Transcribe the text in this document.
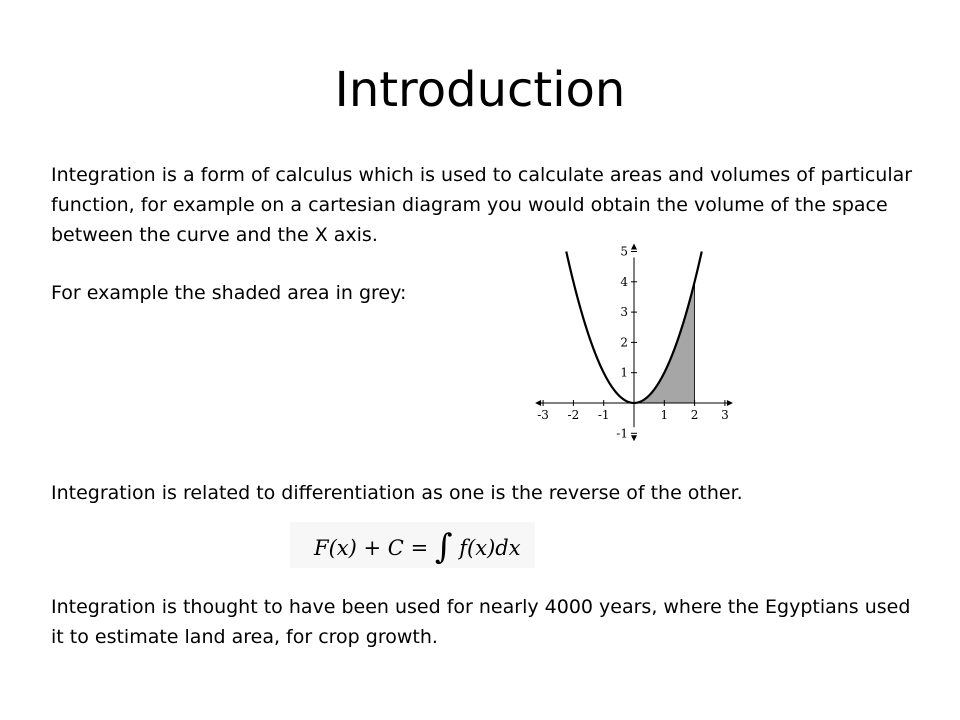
Introduction

Integration is a form of calculus which is used to calculate areas and volumes of particular function, for example on a cartesian diagram you would obtain the volume of the space between the curve and the X axis.

For example the shaded area in grey:

-3 -2 -1	1 2 3
-1
1
2
3
4
5

Integration is related to differentiation as one is the reverse of the other.

F(x) + C = ∫ f(x)dx

Integration is thought to have been used for nearly 4000 years, where the Egyptians used it to estimate land area, for crop growth.
